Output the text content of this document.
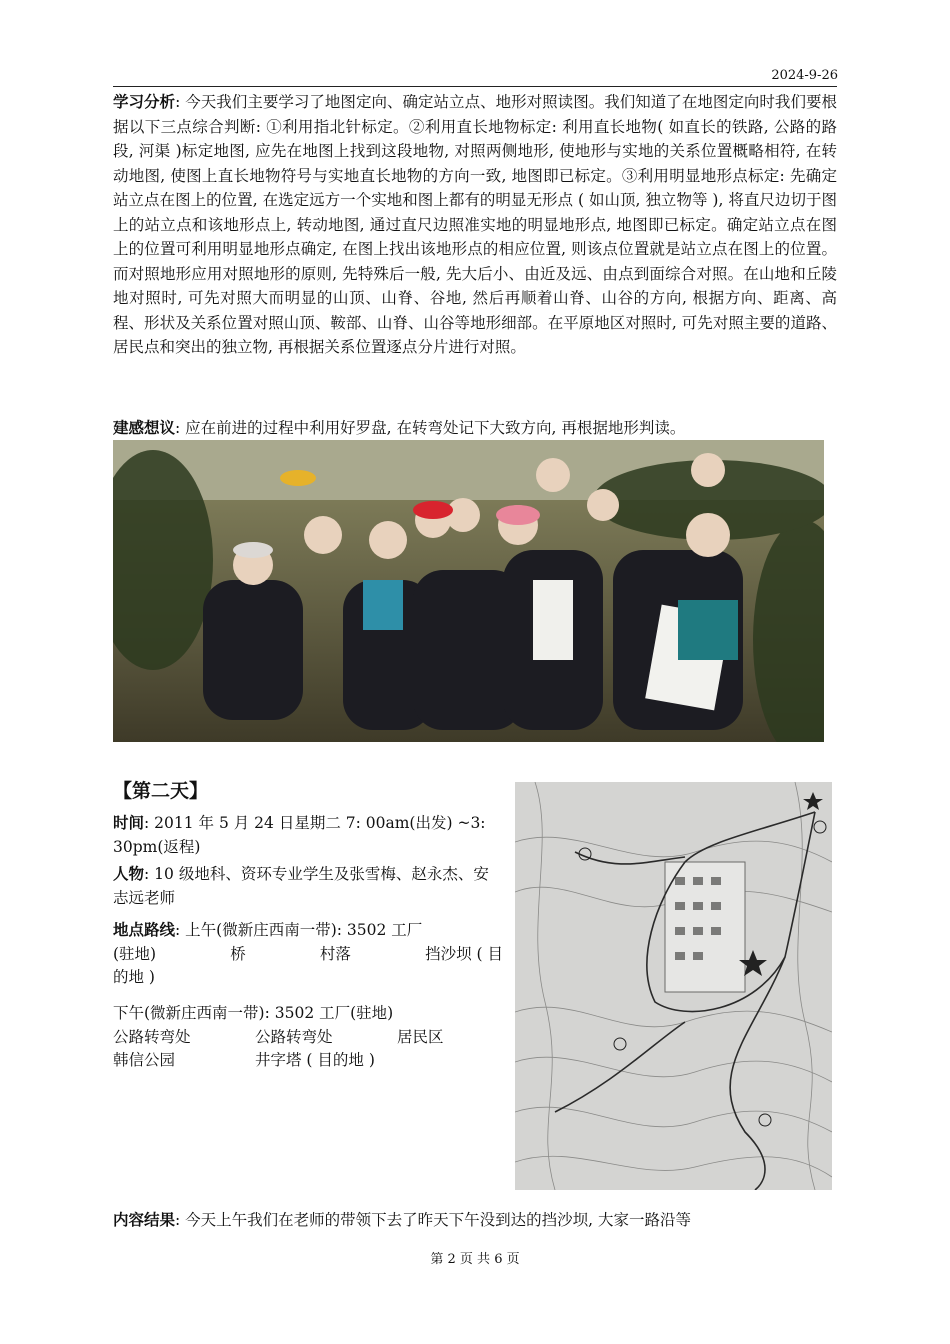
2024-9-26
学习分析: 今天我们主要学习了地图定向、确定站立点、地形对照读图。我们知道了在地图定向时我们要根据以下三点综合判断: ①利用指北针标定。②利用直长地物标定: 利用直长地物( 如直长的铁路, 公路的路段, 河渠 )标定地图, 应先在地图上找到这段地物, 对照两侧地形, 使地形与实地的关系位置概略相符, 在转动地图, 使图上直长地物符号与实地直长地物的方向一致, 地图即已标定。③利用明显地形点标定: 先确定站立点在图上的位置, 在选定远方一个实地和图上都有的明显无形点 ( 如山顶, 独立物等 ), 将直尺边切于图上的站立点和该地形点上, 转动地图, 通过直尺边照准实地的明显地形点, 地图即已标定。确定站立点在图上的位置可利用明显地形点确定, 在图上找出该地形点的相应位置, 则该点位置就是站立点在图上的位置。而对照地形应用对照地形的原则, 先特殊后一般, 先大后小、由近及远、由点到面综合对照。在山地和丘陵地对照时, 可先对照大而明显的山顶、山脊、谷地, 然后再顺着山脊、山谷的方向, 根据方向、距离、高程、形状及关系位置对照山顶、鞍部、山脊、山谷等地形细部。在平原地区对照时, 可先对照主要的道路、居民点和突出的独立物, 再根据关系位置逐点分片进行对照。
建感想议: 应在前进的过程中利用好罗盘, 在转弯处记下大致方向, 再根据地形判读。
【第二天】
时间: 2011 年 5 月 24 日星期二 7: 00am(出发) ~3: 30pm(返程)
人物: 10 级地科、资环专业学生及张雪梅、赵永杰、安志远老师
地点路线: 上午(微新庄西南一带): 3502 工厂
(驻地)	桥	村落	挡沙坝 ( 目
的地 )
下午(微新庄西南一带): 3502 工厂(驻地)
公路转弯处	公路转弯处	居民区
韩信公园	井字塔 ( 目的地 )
内容结果: 今天上午我们在老师的带领下去了昨天下午没到达的挡沙坝, 大家一路沿等
第 2 页 共 6 页
